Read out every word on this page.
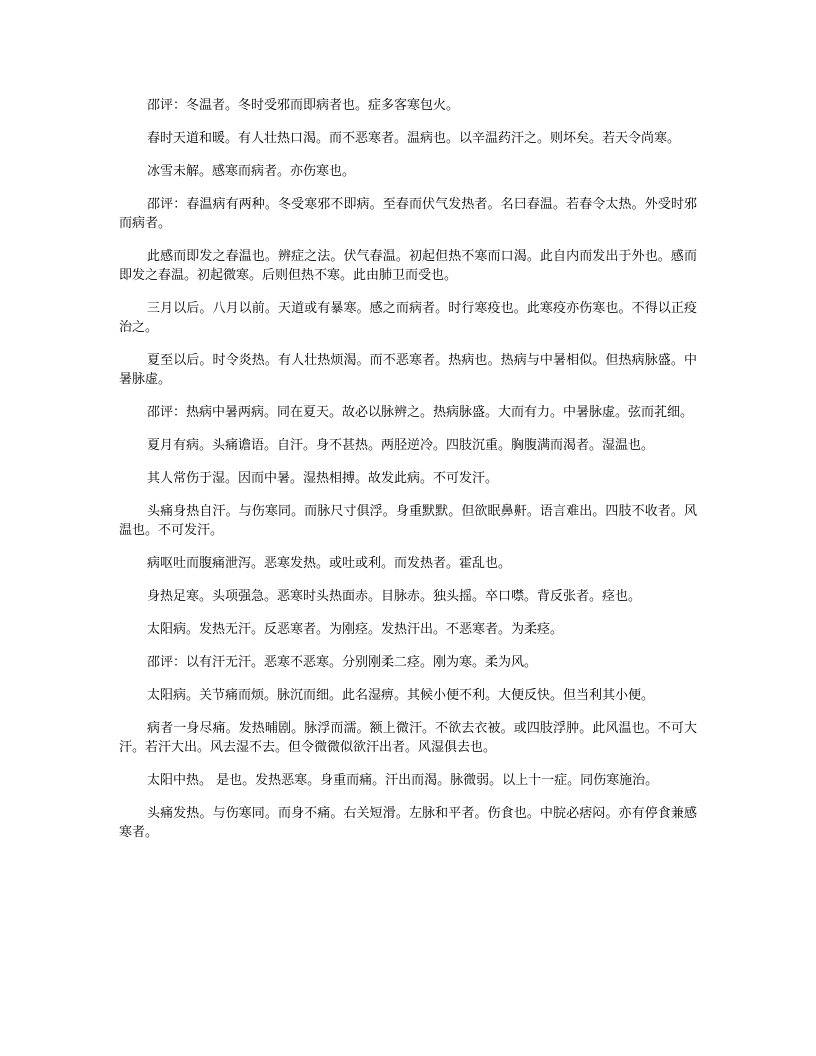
邵评：冬温者。冬时受邪而即病者也。症多客寒包火。

春时天道和暖。有人壮热口渴。而不恶寒者。温病也。以辛温药汗之。则坏矣。若天令尚寒。

冰雪未解。感寒而病者。亦伤寒也。

邵评：春温病有两种。冬受寒邪不即病。至春而伏气发热者。名曰春温。若春令太热。外受时邪而病者。

此感而即发之春温也。辨症之法。伏气春温。初起但热不寒而口渴。此自内而发出于外也。感而即发之春温。初起微寒。后则但热不寒。此由肺卫而受也。

三月以后。八月以前。天道或有暴寒。感之而病者。时行寒疫也。此寒疫亦伤寒也。不得以正疫治之。

夏至以后。时令炎热。有人壮热烦渴。而不恶寒者。热病也。热病与中暑相似。但热病脉盛。中暑脉虚。

邵评：热病中暑两病。同在夏天。故必以脉辨之。热病脉盛。大而有力。中暑脉虚。弦而芤细。

夏月有病。头痛谵语。自汗。身不甚热。两胫逆冷。四肢沉重。胸腹满而渴者。湿温也。

其人常伤于湿。因而中暑。湿热相搏。故发此病。不可发汗。

头痛身热自汗。与伤寒同。而脉尺寸俱浮。身重默默。但欲眠鼻鼾。语言难出。四肢不收者。风温也。不可发汗。

病呕吐而腹痛泄泻。恶寒发热。或吐或利。而发热者。霍乱也。

身热足寒。头项强急。恶寒时头热面赤。目脉赤。独头摇。卒口噤。背反张者。痉也。

太阳病。发热无汗。反恶寒者。为刚痉。发热汗出。不恶寒者。为柔痉。

邵评：以有汗无汗。恶寒不恶寒。分别刚柔二痉。刚为寒。柔为风。

太阳病。关节痛而烦。脉沉而细。此名湿痹。其候小便不利。大便反快。但当利其小便。

病者一身尽痛。发热晡剧。脉浮而濡。额上微汗。不欲去衣被。或四肢浮肿。此风温也。不可大汗。若汗大出。风去湿不去。但令微微似欲汗出者。风湿俱去也。

太阳中热。 是也。发热恶寒。身重而痛。汗出而渴。脉微弱。以上十一症。同伤寒施治。

头痛发热。与伤寒同。而身不痛。右关短滑。左脉和平者。伤食也。中脘必痞闷。亦有停食兼感寒者。
